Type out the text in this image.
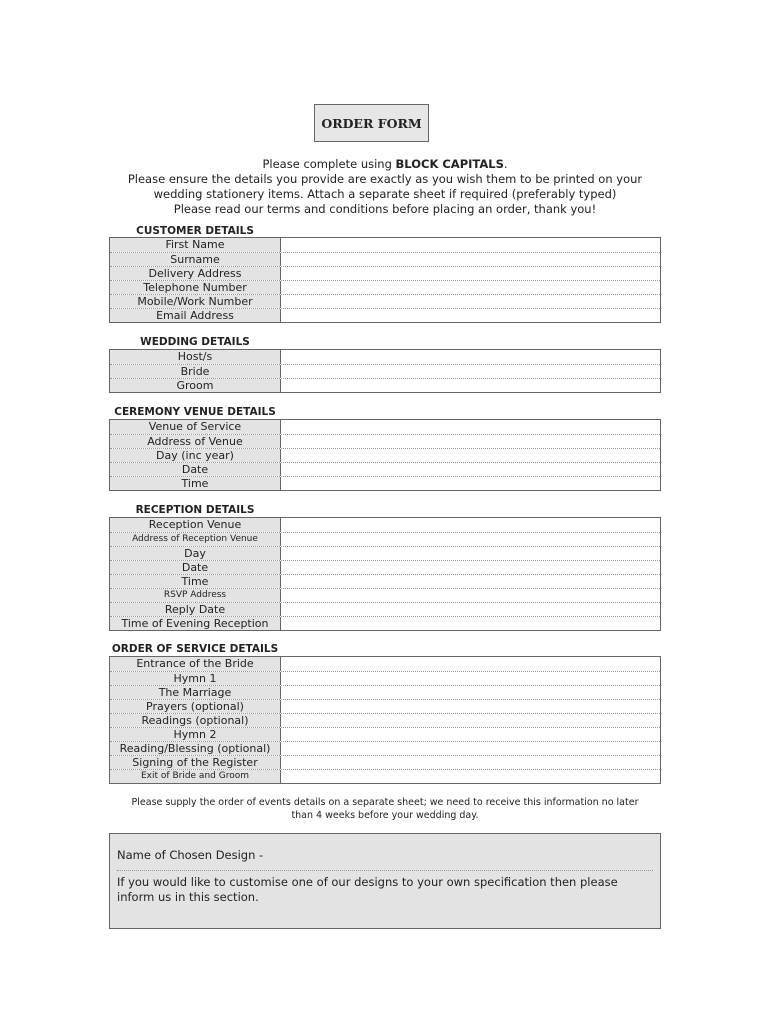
ORDER FORM
Please complete using BLOCK CAPITALS.
Please ensure the details you provide are exactly as you wish them to be printed on your
wedding stationery items. Attach a separate sheet if required (preferably typed)
Please read our terms and conditions before placing an order, thank you!
CUSTOMER DETAILS
First Name
Surname
Delivery Address
Telephone Number
Mobile/Work Number
Email Address
WEDDING DETAILS
Host/s
Bride
Groom
CEREMONY VENUE DETAILS
Venue of Service
Address of Venue
Day (inc year)
Date
Time
RECEPTION DETAILS
Reception Venue
Address of Reception Venue
Day
Date
Time
RSVP Address
Reply Date
Time of Evening Reception
ORDER OF SERVICE DETAILS
Entrance of the Bride
Hymn 1
The Marriage
Prayers (optional)
Readings (optional)
Hymn 2
Reading/Blessing (optional)
Signing of the Register
Exit of Bride and Groom
Please supply the order of events details on a separate sheet; we need to receive this information no later
than 4 weeks before your wedding day.
Name of Chosen Design -
If you would like to customise one of our designs to your own specification then please inform us in this section.
